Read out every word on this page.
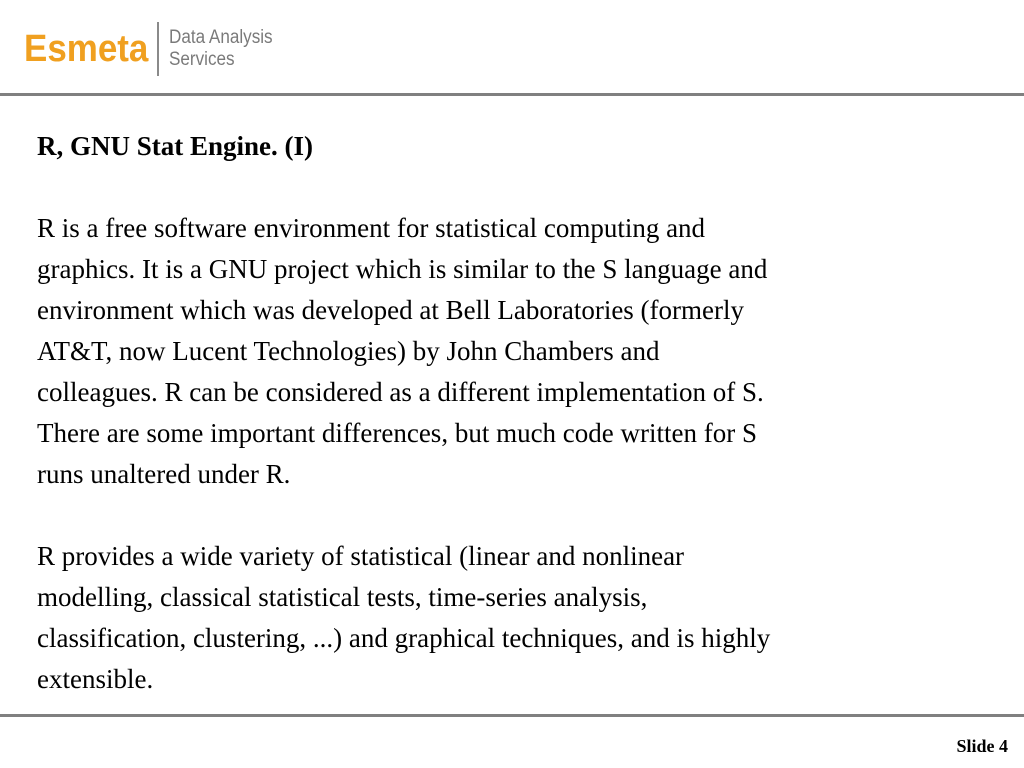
Esmeta Data Analysis
Services
R, GNU Stat Engine. (I)

R is a free software environment for statistical computing and
graphics. It is a GNU project which is similar to the S language and
environment which was developed at Bell Laboratories (formerly
AT&T, now Lucent Technologies) by John Chambers and
colleagues. R can be considered as a different implementation of S.
There are some important differences, but much code written for S
runs unaltered under R.

R provides a wide variety of statistical (linear and nonlinear
modelling, classical statistical tests, time-series analysis,
classification, clustering, ...) and graphical techniques, and is highly
extensible.

Slide 4
